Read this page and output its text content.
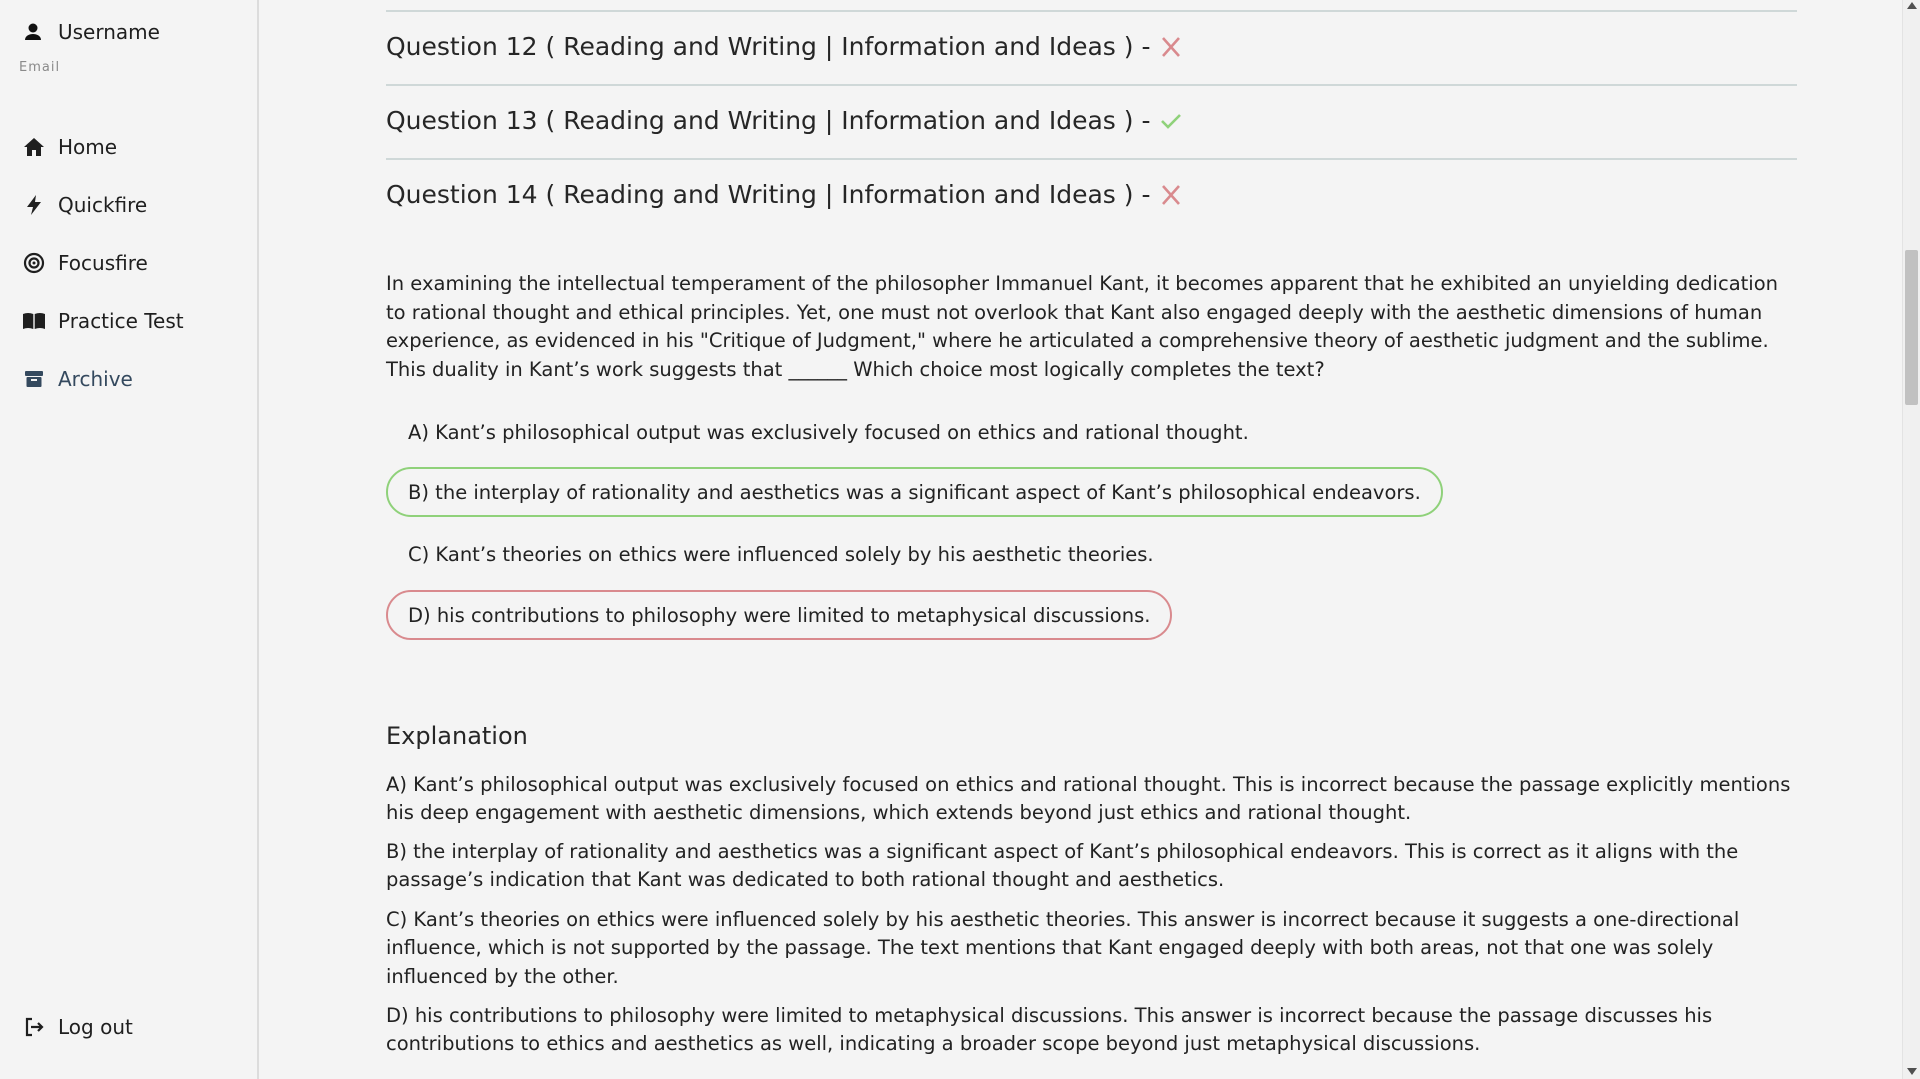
Username
Email
Home
Quickfire
Focusfire
Practice Test
Archive
Log out
Question 12 ( Reading and Writing | Information and Ideas ) -
Question 13 ( Reading and Writing | Information and Ideas ) -
Question 14 ( Reading and Writing | Information and Ideas ) -
In examining the intellectual temperament of the philosopher Immanuel Kant, it becomes apparent that he exhibited an unyielding dedication to rational thought and ethical principles. Yet, one must not overlook that Kant also engaged deeply with the aesthetic dimensions of human experience, as evidenced in his "Critique of Judgment," where he articulated a comprehensive theory of aesthetic judgment and the sublime. This duality in Kant’s work suggests that ______ Which choice most logically completes the text?
A) Kant’s philosophical output was exclusively focused on ethics and rational thought.
B) the interplay of rationality and aesthetics was a significant aspect of Kant’s philosophical endeavors.
C) Kant’s theories on ethics were influenced solely by his aesthetic theories.
D) his contributions to philosophy were limited to metaphysical discussions.
Explanation
A) Kant’s philosophical output was exclusively focused on ethics and rational thought. This is incorrect because the passage explicitly mentions his deep engagement with aesthetic dimensions, which extends beyond just ethics and rational thought.
B) the interplay of rationality and aesthetics was a significant aspect of Kant’s philosophical endeavors. This is correct as it aligns with the passage’s indication that Kant was dedicated to both rational thought and aesthetics.
C) Kant’s theories on ethics were influenced solely by his aesthetic theories. This answer is incorrect because it suggests a one-directional influence, which is not supported by the passage. The text mentions that Kant engaged deeply with both areas, not that one was solely influenced by the other.
D) his contributions to philosophy were limited to metaphysical discussions. This answer is incorrect because the passage discusses his contributions to ethics and aesthetics as well, indicating a broader scope beyond just metaphysical discussions.
